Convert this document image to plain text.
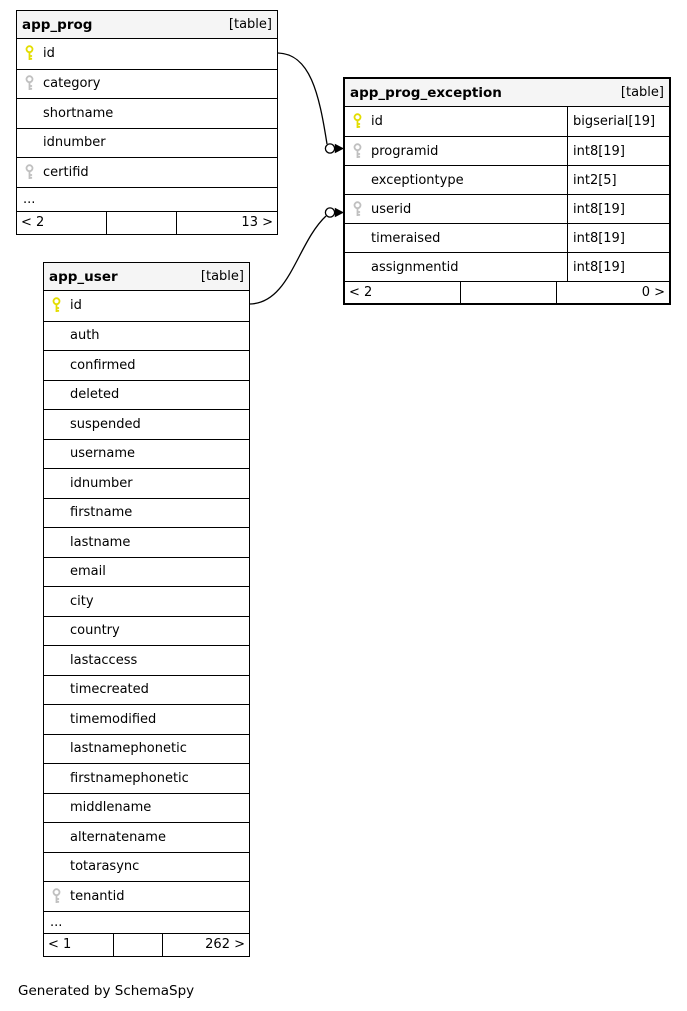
app_prog	[table]
id
category
shortname
idnumber
certifid
...
< 2	13 >
app_prog_exception	[table]
id	bigserial[19]
programid	int8[19]
exceptiontype	int2[5]
userid	int8[19]
timeraised	int8[19]
assignmentid	int8[19]
< 2	0 >
app_user	[table]
id
auth
confirmed
deleted
suspended
username
idnumber
firstname
lastname
email
city
country
lastaccess
timecreated
timemodified
lastnamephonetic
firstnamephonetic
middlename
alternatename
totarasync
tenantid
...
< 1	262 >
Generated by SchemaSpy
